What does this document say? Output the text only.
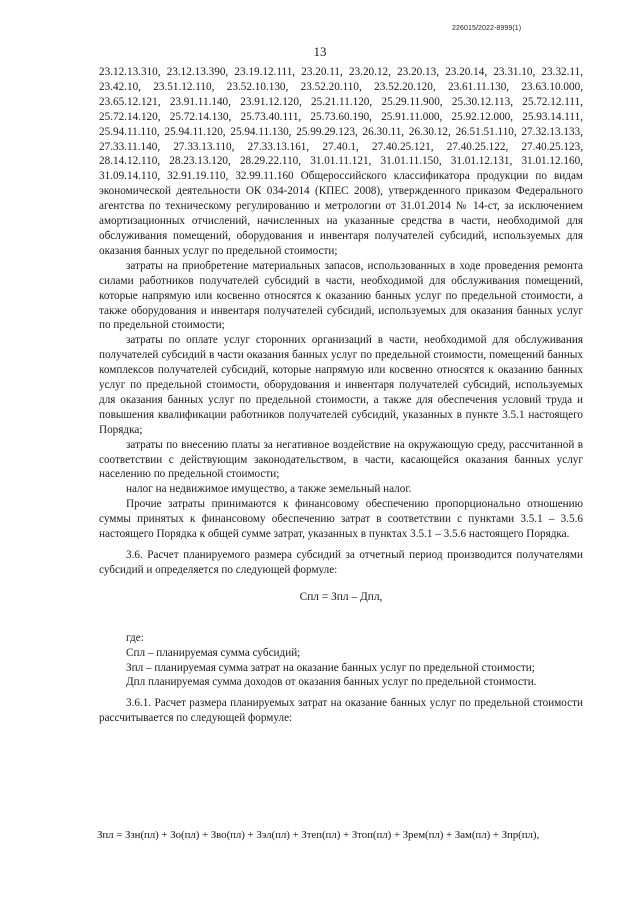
226015/2022-8999(1)
13

23.12.13.310, 23.12.13.390, 23.19.12.111, 23.20.11, 23.20.12, 23.20.13, 23.20.14, 23.31.10, 23.32.11, 23.42.10, 23.51.12.110, 23.52.10.130, 23.52.20.110, 23.52.20.120, 23.61.11.130, 23.63.10.000, 23.65.12.121, 23.91.11.140, 23.91.12.120, 25.21.11.120, 25.29.11.900, 25.30.12.113, 25.72.12.111, 25.72.14.120, 25.72.14.130, 25.73.40.111, 25.73.60.190, 25.91.11.000, 25.92.12.000, 25.93.14.111, 25.94.11.110, 25.94.11.120, 25.94.11.130, 25.99.29.123, 26.30.11, 26.30.12, 26.51.51.110, 27.32.13.133, 27.33.11.140, 27.33.13.110, 27.33.13.161, 27.40.1, 27.40.25.121, 27.40.25.122, 27.40.25.123, 28.14.12.110, 28.23.13.120, 28.29.22.110, 31.01.11.121, 31.01.11.150, 31.01.12.131, 31.01.12.160, 31.09.14.110, 32.91.19.110, 32.99.11.160 Общероссийского классификатора продукции по видам экономической деятельности ОК 034-2014 (КПЕС 2008), утвержденного приказом Федерального агентства по техническому регулированию и метрологии от 31.01.2014 № 14-ст, за исключением амортизационных отчислений, начисленных на указанные средства в части, необходимой для обслуживания помещений, оборудования и инвентаря получателей субсидий, используемых для оказания банных услуг по предельной стоимости;

затраты на приобретение материальных запасов, использованных в ходе проведения ремонта силами работников получателей субсидий в части, необходимой для обслуживания помещений, которые напрямую или косвенно относятся к оказанию банных услуг по предельной стоимости, а также оборудования и инвентаря получателей субсидий, используемых для оказания банных услуг по предельной стоимости;

затраты по оплате услуг сторонних организаций в части, необходимой для обслуживания получателей субсидий в части оказания банных услуг по предельной стоимости, помещений банных комплексов получателей субсидий, которые напрямую или косвенно относятся к оказанию банных услуг по предельной стоимости, оборудования и инвентаря получателей субсидий, используемых для оказания банных услуг по предельной стоимости, а также для обеспечения условий труда и повышения квалификации работников получателей субсидий, указанных в пункте 3.5.1 настоящего Порядка;

затраты по внесению платы за негативное воздействие на окружающую среду, рассчитанной в соответствии с действующим законодательством, в части, касающейся оказания банных услуг населению по предельной стоимости;

налог на недвижимое имущество, а также земельный налог.

Прочие затраты принимаются к финансовому обеспечению пропорционально отношению суммы принятых к финансовому обеспечению затрат в соответствии с пунктами 3.5.1 – 3.5.6 настоящего Порядка к общей сумме затрат, указанных в пунктах 3.5.1 – 3.5.6 настоящего Порядка.

3.6. Расчет планируемого размера субсидий за отчетный период производится получателями субсидий и определяется по следующей формуле:

Спл = Зпл – Дпл,

где:

Спл – планируемая сумма субсидий;

Зпл – планируемая сумма затрат на оказание банных услуг по предельной стоимости;

Дпл планируемая сумма доходов от оказания банных услуг по предельной стоимости.

3.6.1. Расчет размера планируемых затрат на оказание банных услуг по предельной стоимости рассчитывается по следующей формуле:

Зпл = Ззн(пл) + Зо(пл) + Зво(пл) + Зэл(пл) + Зтеп(пл) + Зтоп(пл) + Зрем(пл) + Зам(пл) + Зпр(пл),
